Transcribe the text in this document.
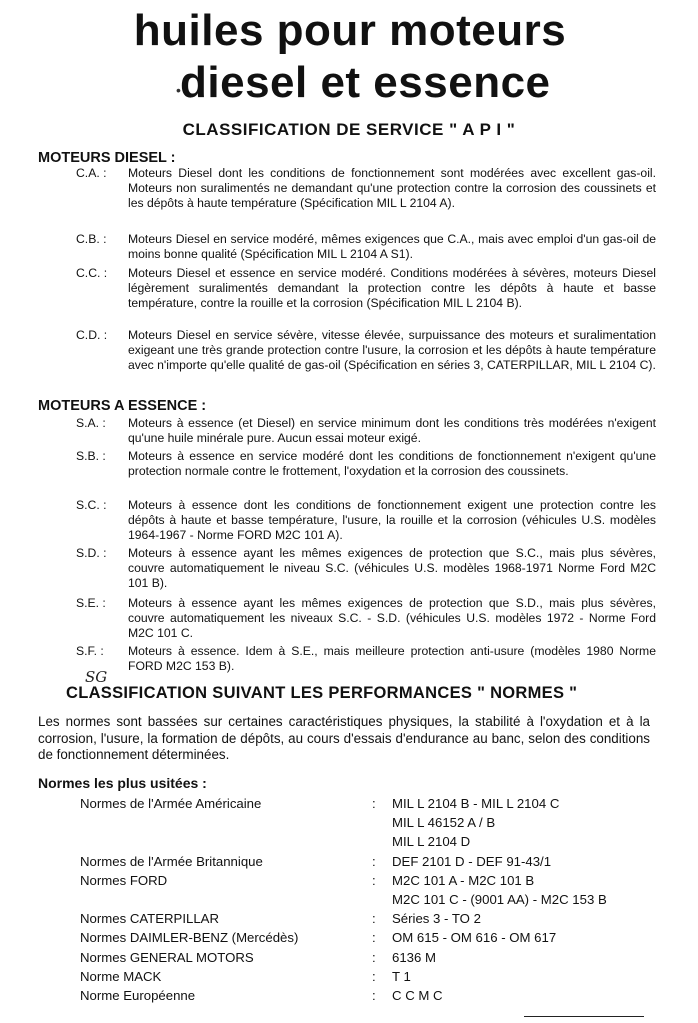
huiles pour moteurs
• diesel et essence
CLASSIFICATION DE SERVICE " A P I "
MOTEURS DIESEL :
C.A. :	Moteurs Diesel dont les conditions de fonctionnement sont modérées avec excellent gas-oil. Moteurs non suralimentés ne demandant qu'une protection contre la corrosion des coussinets et les dépôts à haute température (Spécification MIL L 2104 A).
C.B. :	Moteurs Diesel en service modéré, mêmes exigences que C.A., mais avec emploi d'un gas-oil de moins bonne qualité (Spécification MIL L 2104 A S1).
C.C. :	Moteurs Diesel et essence en service modéré. Conditions modérées à sévères, moteurs Diesel légèrement suralimentés demandant la protection contre les dépôts à haute et basse température, contre la rouille et la corrosion (Spécification MIL L 2104 B).
C.D. :	Moteurs Diesel en service sévère, vitesse élevée, surpuissance des moteurs et suralimentation exigeant une très grande protection contre l'usure, la corrosion et les dépôts à haute température avec n'importe qu'elle qualité de gas-oil (Spécification en séries 3, CATERPILLAR, MIL L 2104 C).
MOTEURS A ESSENCE :
S.A. :	Moteurs à essence (et Diesel) en service minimum dont les conditions très modérées n'exigent qu'une huile minérale pure. Aucun essai moteur exigé.
S.B. :	Moteurs à essence en service modéré dont les conditions de fonctionnement n'exigent qu'une protection normale contre le frottement, l'oxydation et la corrosion des coussinets.
S.C. :	Moteurs à essence dont les conditions de fonctionnement exigent une protection contre les dépôts à haute et basse température, l'usure, la rouille et la corrosion (véhicules U.S. modèles 1964-1967 - Norme FORD M2C 101 A).
S.D. :	Moteurs à essence ayant les mêmes exigences de protection que S.C., mais plus sévères, couvre automatiquement le niveau S.C. (véhicules U.S. modèles 1968-1971 Norme Ford M2C 101 B).
S.E. :	Moteurs à essence ayant les mêmes exigences de protection que S.D., mais plus sévères, couvre automatiquement les niveaux S.C. - S.D. (véhicules U.S. modèles 1972 - Norme Ford M2C 101 C.
S.F. :	Moteurs à essence. Idem à S.E., mais meilleure protection anti-usure (modèles 1980 Norme FORD M2C 153 B).
SG
CLASSIFICATION SUIVANT LES PERFORMANCES " NORMES "
Les normes sont bassées sur certaines caractéristiques physiques, la stabilité à l'oxydation et à la corrosion, l'usure, la formation de dépôts, au cours d'essais d'endurance au banc, selon des conditions de fonctionnement déterminées.
Normes les plus usitées :
Normes de l'Armée Américaine	: MIL L 2104 B - MIL L 2104 C
MIL L 46152 A / B
MIL L 2104 D
Normes de l'Armée Britannique	: DEF 2101 D - DEF 91-43/1
Normes FORD	: M2C 101 A - M2C 101 B
M2C 101 C - (9001 AA) - M2C 153 B
Normes CATERPILLAR	: Séries 3 - TO 2
Normes DAIMLER-BENZ (Mercédès)	: OM 615 - OM 616 - OM 617
Normes GENERAL MOTORS	: 6136 M
Norme MACK	: T 1
Norme Européenne	: C C M C
